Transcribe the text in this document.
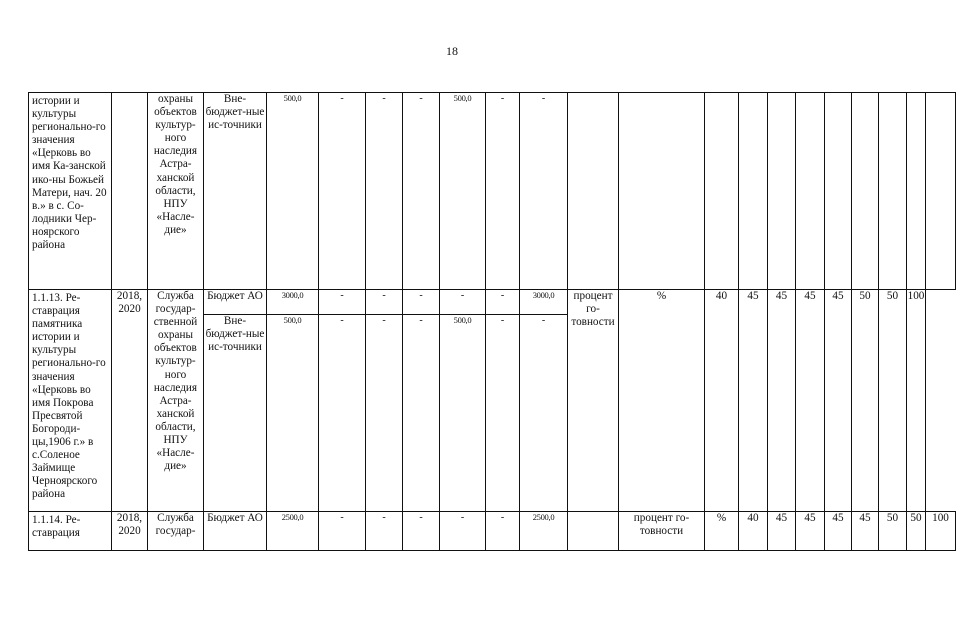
18
истории и культуры регионально-го значения «Церковь во имя Ка-занской ико-ны Божьей Матери, нач. 20 в.» в с. Со-лодники Чер-ноярского района		охраны объектов культур-ного наследия Астра-ханской области, НПУ «Насле-дие»	Вне-бюджет-ные ис-точники	500,0	-	-	-	500,0	-	-											
1.1.13. Ре-ставрация памятника истории и культуры регионально-го значения «Церковь во имя Покрова Пресвятой Богороди-цы,1906 г.» в с.Соленое Займище Черноярского района	2018, 2020	Служба государ-ственной охраны объектов культур-ного наследия Астра-ханской области, НПУ «Насле-дие»	Бюджет АО	3000,0	-	-	-	-	-	3000,0	процент го-товности	%	40	45	45	45	45	50	50	100	
			Вне-бюджет-ные ис-точники	500,0	-	-	-	500,0	-	-											
1.1.14. Ре-ставрация	2018, 2020	Служба государ-	Бюджет АО	2500,0	-	-	-	-	-	2500,0		процент го-товности	%	40	45	45	45	45	50	50	100
